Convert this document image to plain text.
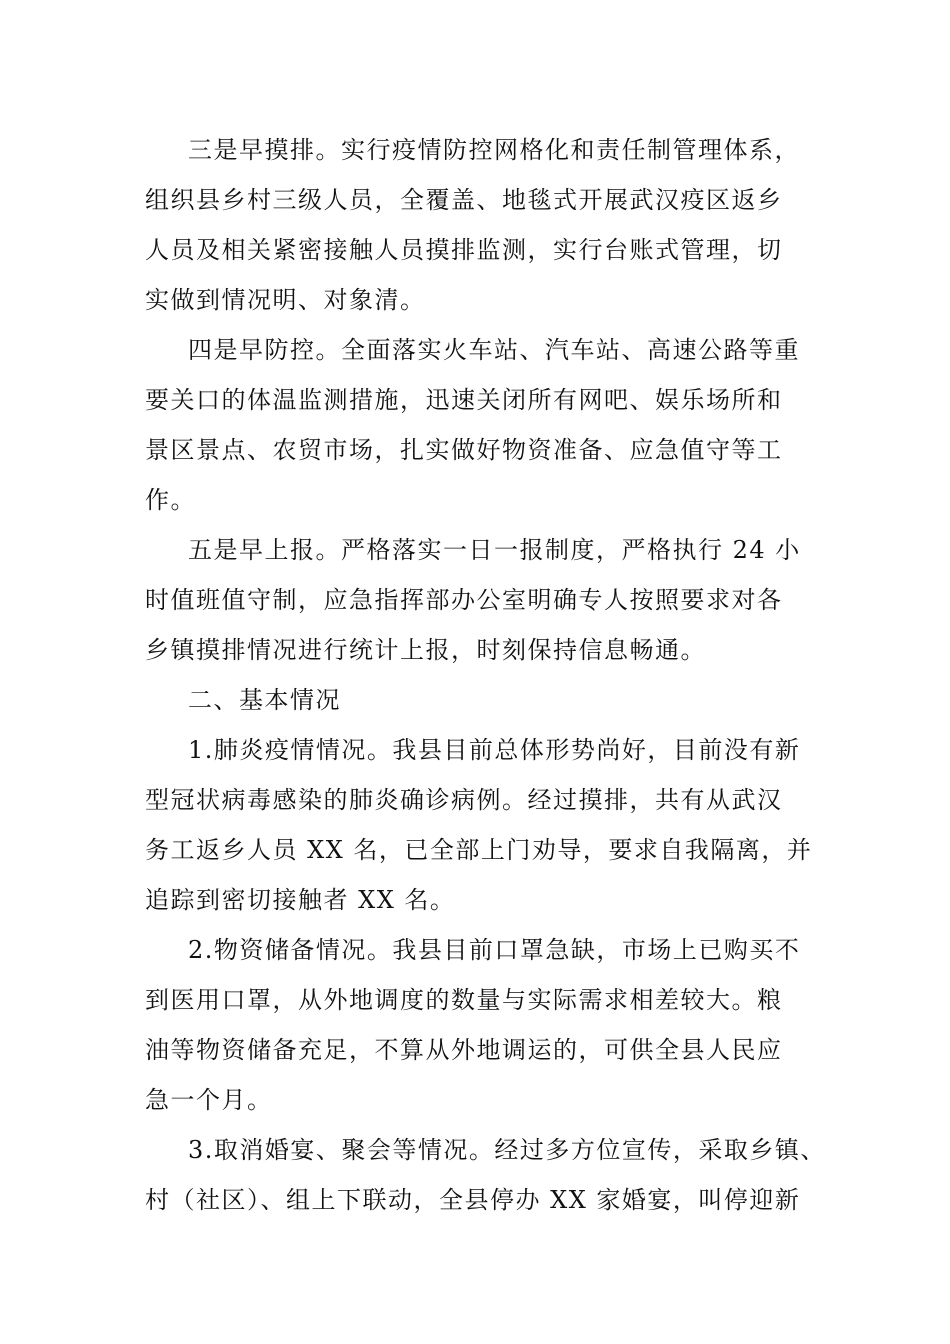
三是早摸排。实行疫情防控网格化和责任制管理体系，
组织县乡村三级人员，全覆盖、地毯式开展武汉疫区返乡
人员及相关紧密接触人员摸排监测，实行台账式管理，切
实做到情况明、对象清。
四是早防控。全面落实火车站、汽车站、高速公路等重
要关口的体温监测措施，迅速关闭所有网吧、娱乐场所和
景区景点、农贸市场，扎实做好物资准备、应急值守等工
作。
五是早上报。严格落实一日一报制度，严格执行 24 小
时值班值守制，应急指挥部办公室明确专人按照要求对各
乡镇摸排情况进行统计上报，时刻保持信息畅通。
二、基本情况
1.肺炎疫情情况。我县目前总体形势尚好，目前没有新
型冠状病毒感染的肺炎确诊病例。经过摸排，共有从武汉
务工返乡人员 XX 名，已全部上门劝导，要求自我隔离，并
追踪到密切接触者 XX 名。
2.物资储备情况。我县目前口罩急缺，市场上已购买不
到医用口罩，从外地调度的数量与实际需求相差较大。粮
油等物资储备充足，不算从外地调运的，可供全县人民应
急一个月。
3.取消婚宴、聚会等情况。经过多方位宣传，采取乡镇、
村（社区）、组上下联动，全县停办 XX 家婚宴，叫停迎新
